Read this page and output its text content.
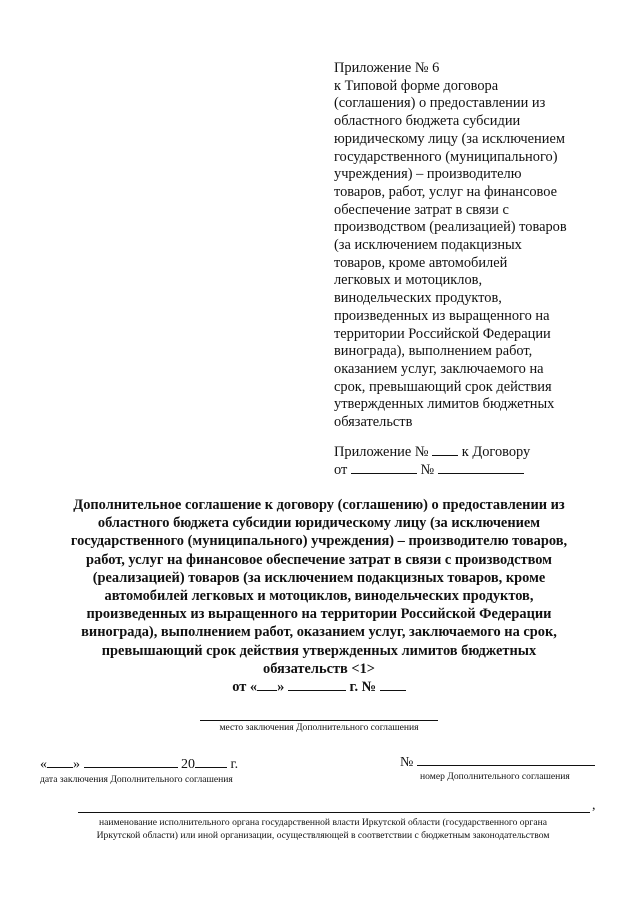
Приложение № 6

к Типовой форме договора

(соглашения) о предоставлении из

областного бюджета субсидии

юридическому лицу (за исключением

государственного (муниципального)

учреждения) – производителю

товаров, работ, услуг на финансовое

обеспечение затрат в связи с

производством (реализацией) товаров

(за исключением подакцизных

товаров, кроме автомобилей

легковых и мотоциклов,

винодельческих продуктов,

произведенных из выращенного на

территории Российской Федерации

винограда), выполнением работ,

оказанием услуг, заключаемого на

срок, превышающий срок действия

утвержденных лимитов бюджетных

обязательств

Приложение № к Договору
от	№

Дополнительное соглашение к договору (соглашению) о предоставлении из

областного бюджета субсидии юридическому лицу (за исключением

государственного (муниципального) учреждения) – производителю товаров,

работ, услуг на финансовое обеспечение затрат в связи с производством

(реализацией) товаров (за исключением подакцизных товаров, кроме

автомобилей легковых и мотоциклов, винодельческих продуктов,

произведенных из выращенного на территории Российской Федерации

винограда), выполнением работ, оказанием услуг, заключаемого на срок,

превышающий срок действия утвержденных лимитов бюджетных

обязательств <1>

от « »	г. №

место заключения Дополнительного соглашения
« »	20	г.
дата заключения Дополнительного соглашения
№
номер Дополнительного соглашения
,
наименование исполнительного органа государственной власти Иркутской области (государственного органа
Иркутской области) или иной организации, осуществляющей в соответствии с бюджетным законодательством
